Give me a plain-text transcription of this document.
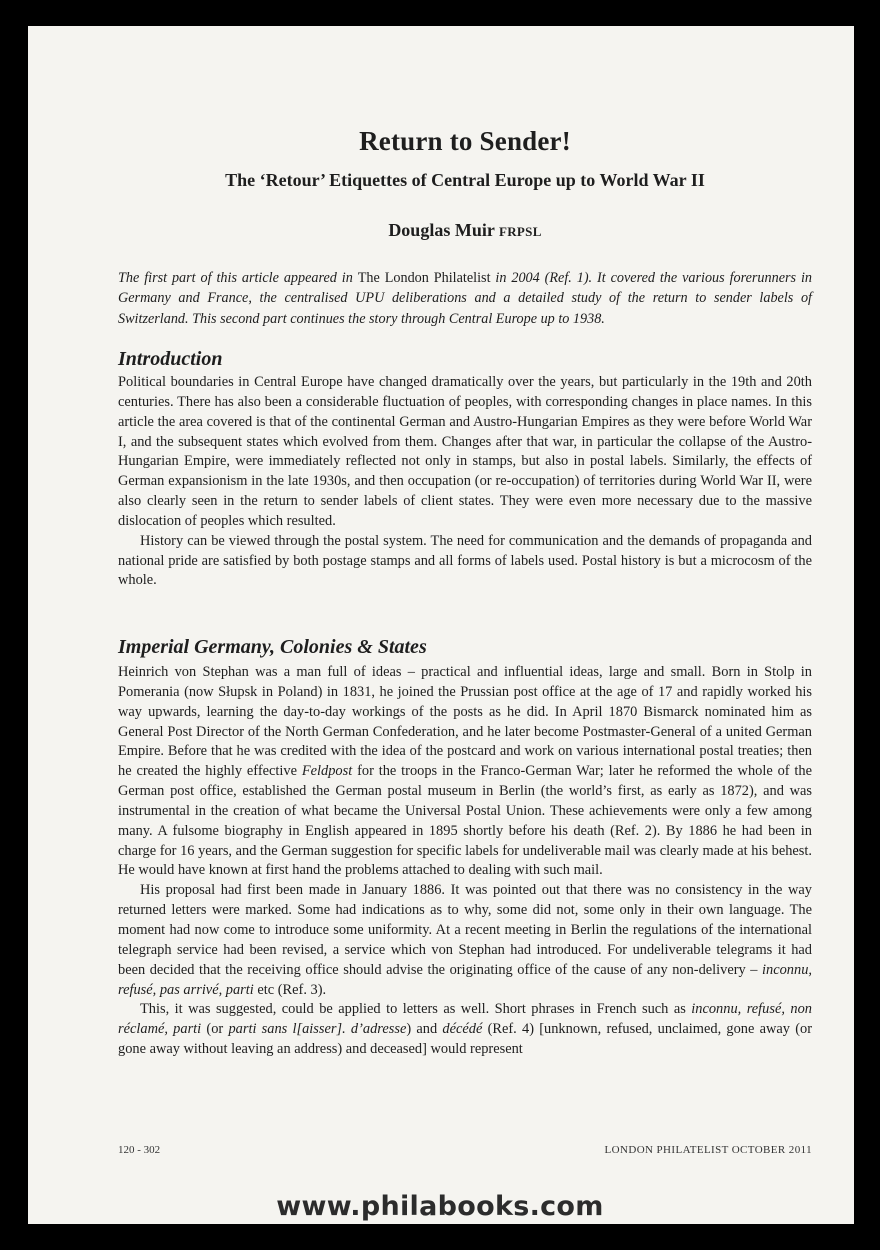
Return to Sender!
The ‘Retour’ Etiquettes of Central Europe up to World War II
Douglas Muir FRPSL

The first part of this article appeared in The London Philatelist in 2004 (Ref. 1). It covered the various forerunners in Germany and France, the centralised UPU deliberations and a detailed study of the return to sender labels of Switzerland. This second part continues the story through Central Europe up to 1938.

Introduction

Political boundaries in Central Europe have changed dramatically over the years, but particularly in the 19th and 20th centuries. There has also been a considerable fluctuation of peoples, with corresponding changes in place names. In this article the area covered is that of the continental German and Austro-Hungarian Empires as they were before World War I, and the subsequent states which evolved from them. Changes after that war, in particular the collapse of the Austro-Hungarian Empire, were immediately reflected not only in stamps, but also in postal labels. Similarly, the effects of German expansionism in the late 1930s, and then occupation (or re-occupation) of territories during World War II, were also clearly seen in the return to sender labels of client states. They were even more necessary due to the massive dislocation of peoples which resulted.

History can be viewed through the postal system. The need for communication and the demands of propaganda and national pride are satisfied by both postage stamps and all forms of labels used. Postal history is but a microcosm of the whole.

Imperial Germany, Colonies & States

Heinrich von Stephan was a man full of ideas – practical and influential ideas, large and small. Born in Stolp in Pomerania (now Słupsk in Poland) in 1831, he joined the Prussian post office at the age of 17 and rapidly worked his way upwards, learning the day-to-day workings of the posts as he did. In April 1870 Bismarck nominated him as General Post Director of the North German Confederation, and he later become Postmaster-General of a united German Empire. Before that he was credited with the idea of the postcard and work on various international postal treaties; then he created the highly effective Feldpost for the troops in the Franco-German War; later he reformed the whole of the German post office, established the German postal museum in Berlin (the world’s first, as early as 1872), and was instrumental in the creation of what became the Universal Postal Union. These achievements were only a few among many. A fulsome biography in English appeared in 1895 shortly before his death (Ref. 2). By 1886 he had been in charge for 16 years, and the German suggestion for specific labels for undeliverable mail was clearly made at his behest. He would have known at first hand the problems attached to dealing with such mail.

His proposal had first been made in January 1886. It was pointed out that there was no consistency in the way returned letters were marked. Some had indications as to why, some did not, some only in their own language. The moment had now come to introduce some uniformity. At a recent meeting in Berlin the regulations of the international telegraph service had been revised, a service which von Stephan had introduced. For undeliverable telegrams it had been decided that the receiving office should advise the originating office of the cause of any non-delivery – inconnu, refusé, pas arrivé, parti etc (Ref. 3).

This, it was suggested, could be applied to letters as well. Short phrases in French such as inconnu, refusé, non réclamé, parti (or parti sans l[aisser]. d’adresse) and décédé (Ref. 4) [unknown, refused, unclaimed, gone away (or gone away without leaving an address) and deceased] would represent

120 - 302	LONDON PHILATELIST OCTOBER 2011
www.philabooks.com
